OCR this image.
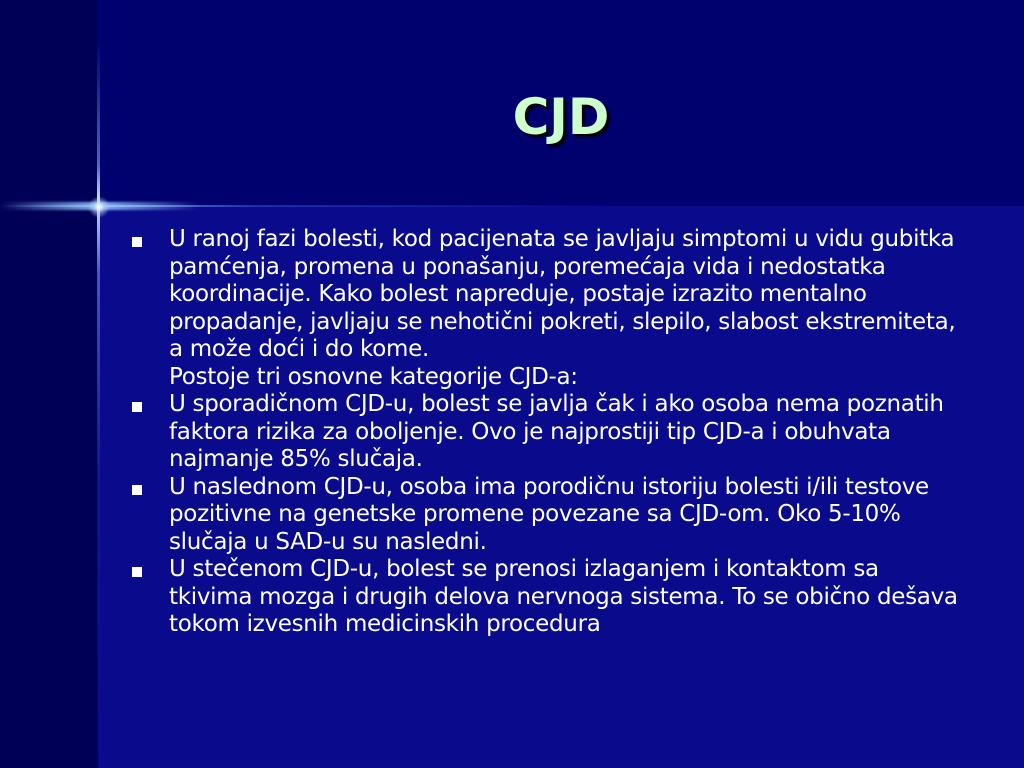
CJD
U ranoj fazi bolesti, kod pacijenata se javljaju simptomi u vidu gubitka pamćenja, promena u ponašanju, poremećaja vida i nedostatka koordinacije. Kako bolest napreduje, postaje izrazito mentalno propadanje, javljaju se nehotični pokreti, slepilo, slabost ekstremiteta, a može doći i do kome.
Postoje tri osnovne kategorije CJD-a:
U sporadičnom CJD-u, bolest se javlja čak i ako osoba nema poznatih faktora rizika za oboljenje. Ovo je najprostiji tip CJD-a i obuhvata najmanje 85% slučaja.
U naslednom CJD-u, osoba ima porodičnu istoriju bolesti i/ili testove pozitivne na genetske promene povezane sa CJD-om. Oko 5-10% slučaja u SAD-u su nasledni.
U stečenom CJD-u, bolest se prenosi izlaganjem i kontaktom sa tkivima mozga i drugih delova nervnoga sistema. To se obično dešava tokom izvesnih medicinskih procedura
